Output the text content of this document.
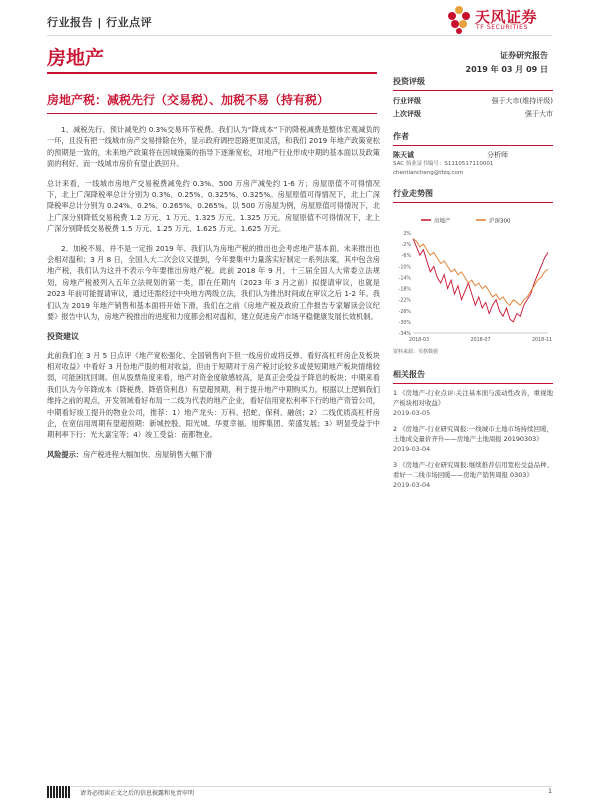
行业报告 | 行业点评	天风证券
TF SECURITIES
房地产	证券研究报告
2019 年 03 月 09 日
房地产税：减税先行（交易税）、加税不易（持有税）

1、减税先行、预计减免约 0.3%交易环节税费。我们认为“降成本”下的降税减费是整体宏观减负的一环，且没有把一线城市房产交易排除在外，显示政府调控思路更加灵活，和我们 2019 年地产政策宽松的预期是一致的，未来地产政策将在因城施策的指导下逐渐宽松，对地产行业形成中期的基本面以及政策面的利好、而一线城市房价有望止跌回升。

总计来看，一线城市房地产交易税费减免约 0.3%、500 万房产减免约 1-6 万；房屋原值不可得情况下，北上广深降税率总计分别为 0.3%、0.25%、0.325%、0.325%。房屋原值可得情况下，北上广深降税率总计分别为 0.24%、0.2%、0.265%、0.265%。以 500 万房屋为例，房屋原值可得情况下，北上广深分别降低交易税费 1.2 万元、1 万元、1.325 万元、1.325 万元。房屋原值不可得情况下，北上广深分别降低交易税费 1.5 万元、1.25 万元、1.625 万元、1.625 万元。

2、加税不易、并不是一定指 2019 年、我们认为房地产税的推出也会考虑地产基本面、未来推出也会相对温和；3 月 8 日，全国人大二次会议又提到，今年要集中力量落实好制定一系列法案，其中包含房地产税，我们认为这并不表示今年要推出房地产税。此前 2018 年 9 月，十三届全国人大常委立法规划，房地产税被列入五年立法规划的第一类，即在任期内（2023 年 3 月之前）拟提请审议，也就是 2023 年前可能提请审议，通过还需经过中央地方两级立法，我们认为推出时间或在审议之后 1-2 年。我们认为 2019 年地产销售和基本面将开始下滑，我们在之前《房地产税及政府工作报告专家解读会议纪要》报告中认为，房地产税推出的进度和力度都会相对温和，建立促进房产市场平稳健康发展长效机制。

投资建议

此前我们在 3 月 5 日点评《地产宽松强化、全国销售向下但一线房价或将反弹、看好高杠杆房企及板块相对收益》中看好 3 月份地产股的相对收益，但由于短期对于房产税讨论较多或使短期地产板块情绪较弱，可能困扰回调。但从股票角度来看，地产对资金度敏感较高，是真正会受益于降息的板块；中期来看我们认为今年降成本（降税费、降借贷利息）有望超预期，利于提升地产中期购买力。根据以上逻辑我们维持之前的观点，开发领域看好布局一二线为代表的地产企业，看好信用宽松利率下行的地产资管公司，中期看好竣工提升的物业公司，推荐：1）地产龙头：万科、招蛇、保利、融创；2）二线优质高杠杆房企，在宽信用周期有望超预期：新城控股、阳光城、华夏幸福、旭辉集团、荣盛发展；3）明显受益于中期利率下行：光大嘉宝等；4）竣工受益：南都物业。

风险提示：房产税进程大幅加快、房屋销售大幅下滑
投资评级
行业评级	强于大市(维持评级)
上次评级	强于大市
作者
陈天诚	分析师
SAC 执业证书编号：S1110517110001
chentiancheng@tfzq.com
行业走势图
房地产	沪深300
2%
-2%
-6%
-10%
-14%
-18%
-22%
-26%
-30%
-34%
2018-03	2018-07	2018-11
资料来源：贝格数据
相关报告
1 《房地产-行业点评:关注基本面与流动性改善，重视地产板块相对收益》
2019-03-05
2 《房地产-行业研究周报:一线城市土地市场持续回暖，土地成交量价齐升——房地产土地周报 20190303》
2019-03-04
3 《房地产-行业研究周报:继续推荐信用宽松受益品种、看好一二线市场回暖——房地产销售周报 0303》
2019-03-04
请务必阅读正文之后的信息披露和免责申明	1
